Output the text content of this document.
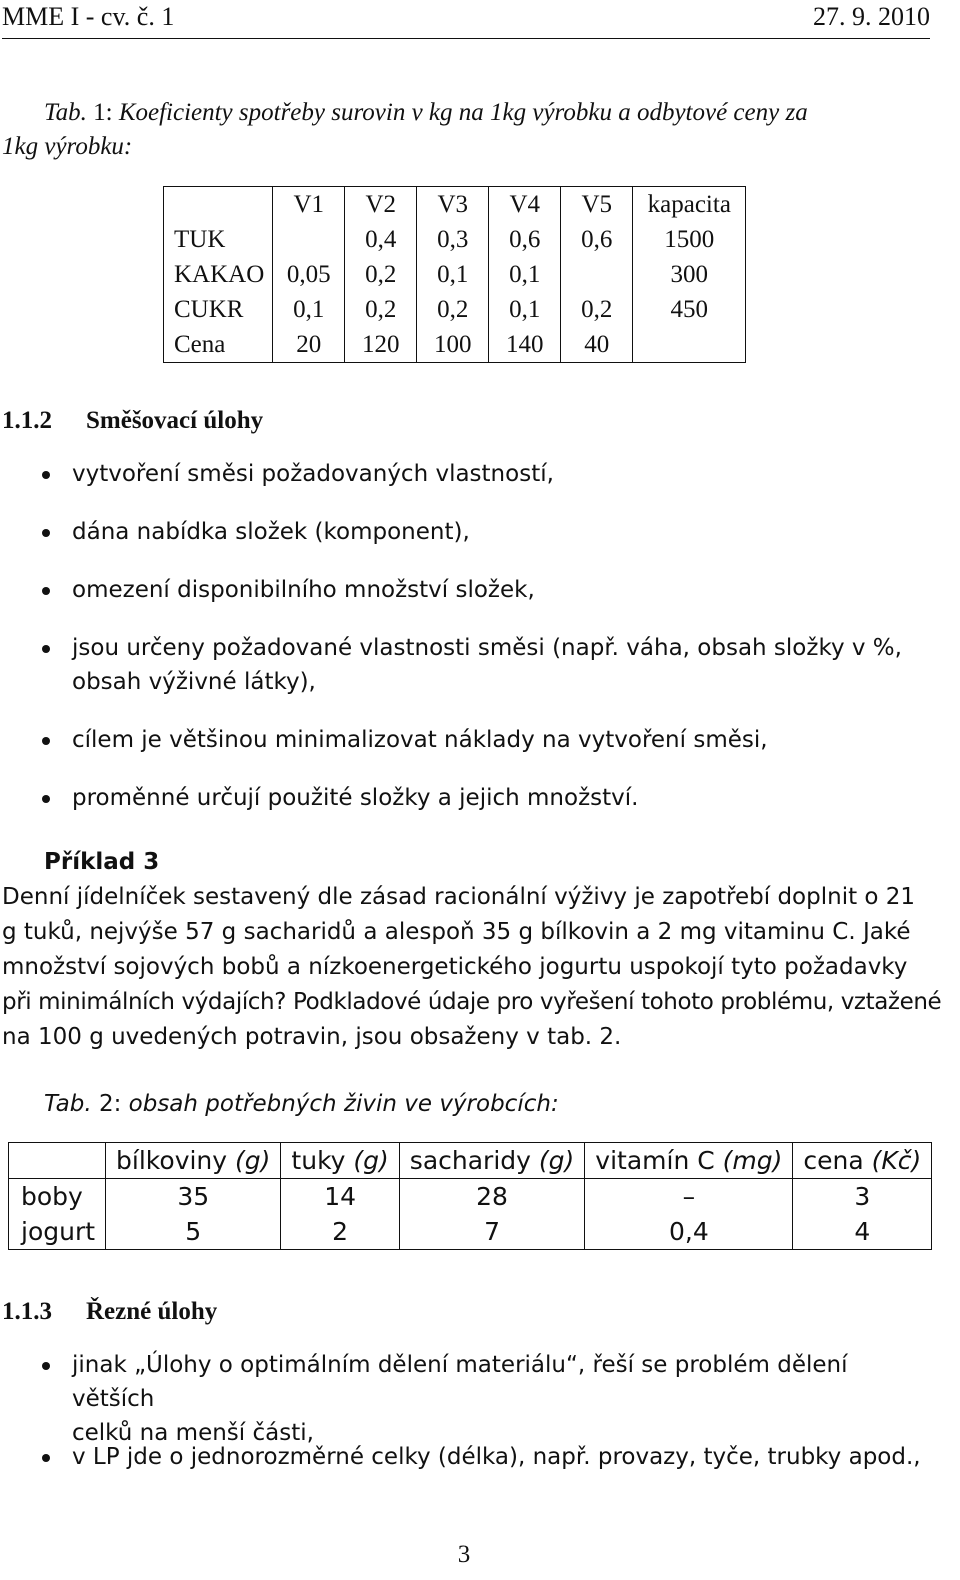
MME I - cv. č. 1	27. 9. 2010
Tab. 1: Koeficienty spotřeby surovin v kg na 1kg výrobku a odbytové ceny za
1kg výrobku:
	V1	V2	V3	V4	V5	kapacita
TUK		0,4	0,3	0,6	0,6	1500
KAKAO	0,05	0,2	0,1	0,1		300
CUKR	0,1	0,2	0,2	0,1	0,2	450
Cena	20	120	100	140	40	
1.1.2 Směšovací úlohy
vytvoření směsi požadovaných vlastností,
dána nabídka složek (komponent),
omezení disponibilního množství složek,
jsou určeny požadované vlastnosti směsi (např. váha, obsah složky v %,
obsah výživné látky),
cílem je většinou minimalizovat náklady na vytvoření směsi,
proměnné určují použité složky a jejich množství.
Příklad 3
Denní jídelníček sestavený dle zásad racionální výživy je zapotřebí doplnit o 21
g tuků, nejvýše 57 g sacharidů a alespoň 35 g bílkovin a 2 mg vitaminu C. Jaké
množství sojových bobů a nízkoenergetického jogurtu uspokojí tyto požadavky
při minimálních výdajích? Podkladové údaje pro vyřešení tohoto problému, vztažené
na 100 g uvedených potravin, jsou obsaženy v tab. 2.
Tab. 2: obsah potřebných živin ve výrobcích:
	bílkoviny (g)	tuky (g)	sacharidy (g)	vitamín C (mg)	cena (Kč)
boby	35	14	28	–	3
jogurt	5	2	7	0,4	4
1.1.3 Řezné úlohy
jinak „Úlohy o optimálním dělení materiálu“, řeší se problém dělení větších
celků na menší části,
v LP jde o jednorozměrné celky (délka), např. provazy, tyče, trubky apod.,
3
